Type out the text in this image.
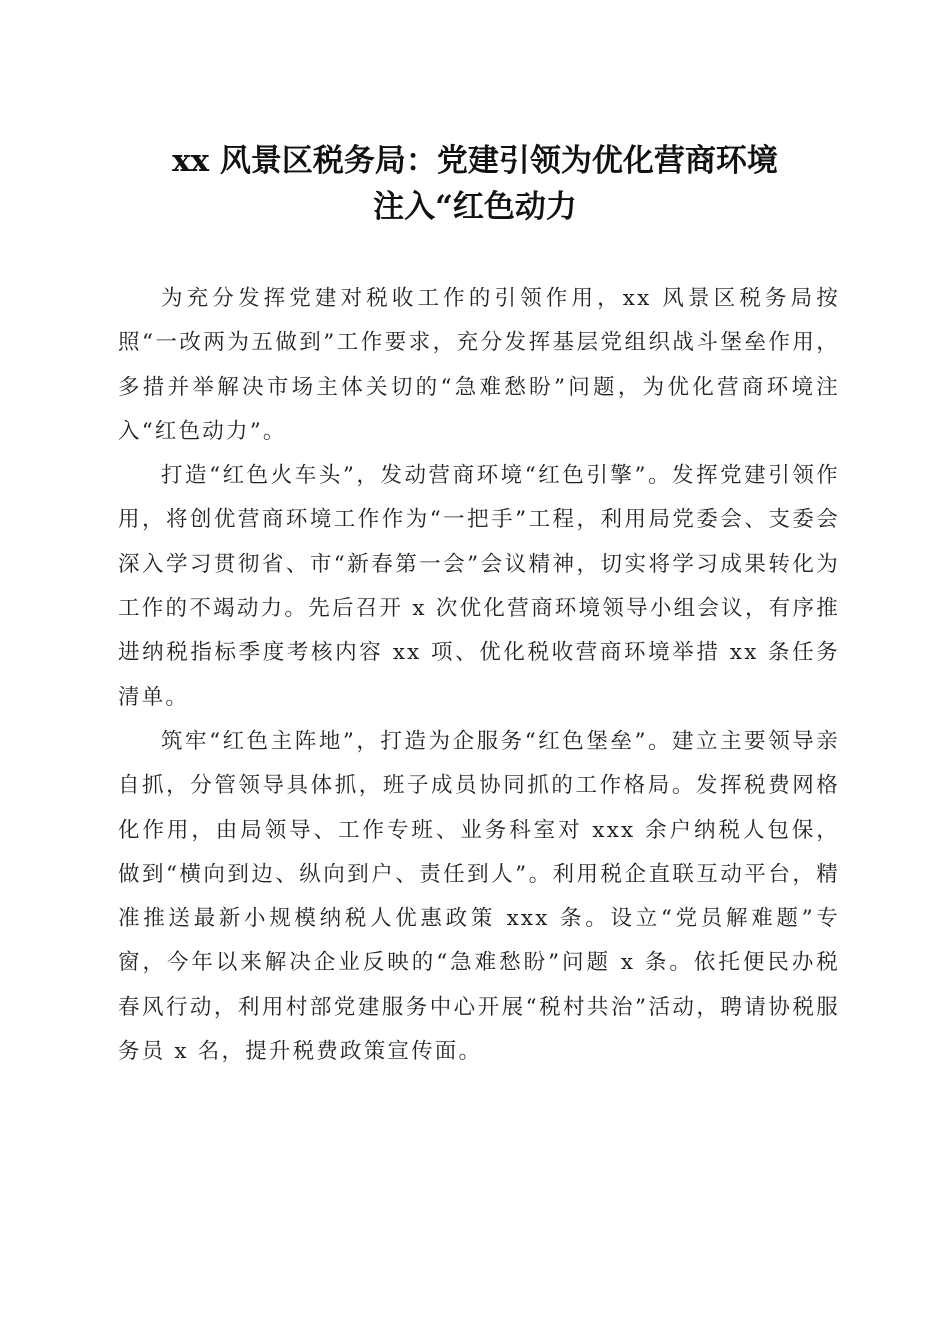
xx 风景区税务局：党建引领为优化营商环境
注入“红色动力

为充分发挥党建对税收工作的引领作用，xx 风景区税务局按照“一改两为五做到”工作要求，充分发挥基层党组织战斗堡垒作用，多措并举解决市场主体关切的“急难愁盼”问题，为优化营商环境注入“红色动力”。

打造“红色火车头”，发动营商环境“红色引擎”。发挥党建引领作用，将创优营商环境工作作为“一把手”工程，利用局党委会、支委会深入学习贯彻省、市“新春第一会”会议精神，切实将学习成果转化为工作的不竭动力。先后召开 x 次优化营商环境领导小组会议，有序推进纳税指标季度考核内容 xx 项、优化税收营商环境举措 xx 条任务清单。

筑牢“红色主阵地”，打造为企服务“红色堡垒”。建立主要领导亲自抓，分管领导具体抓，班子成员协同抓的工作格局。发挥税费网格化作用，由局领导、工作专班、业务科室对 xxx 余户纳税人包保，做到“横向到边、纵向到户、责任到人”。利用税企直联互动平台，精准推送最新小规模纳税人优惠政策 xxx 条。设立“党员解难题”专窗，今年以来解决企业反映的“急难愁盼”问题 x 条。依托便民办税春风行动，利用村部党建服务中心开展“税村共治”活动，聘请协税服务员 x 名，提升税费政策宣传面。
